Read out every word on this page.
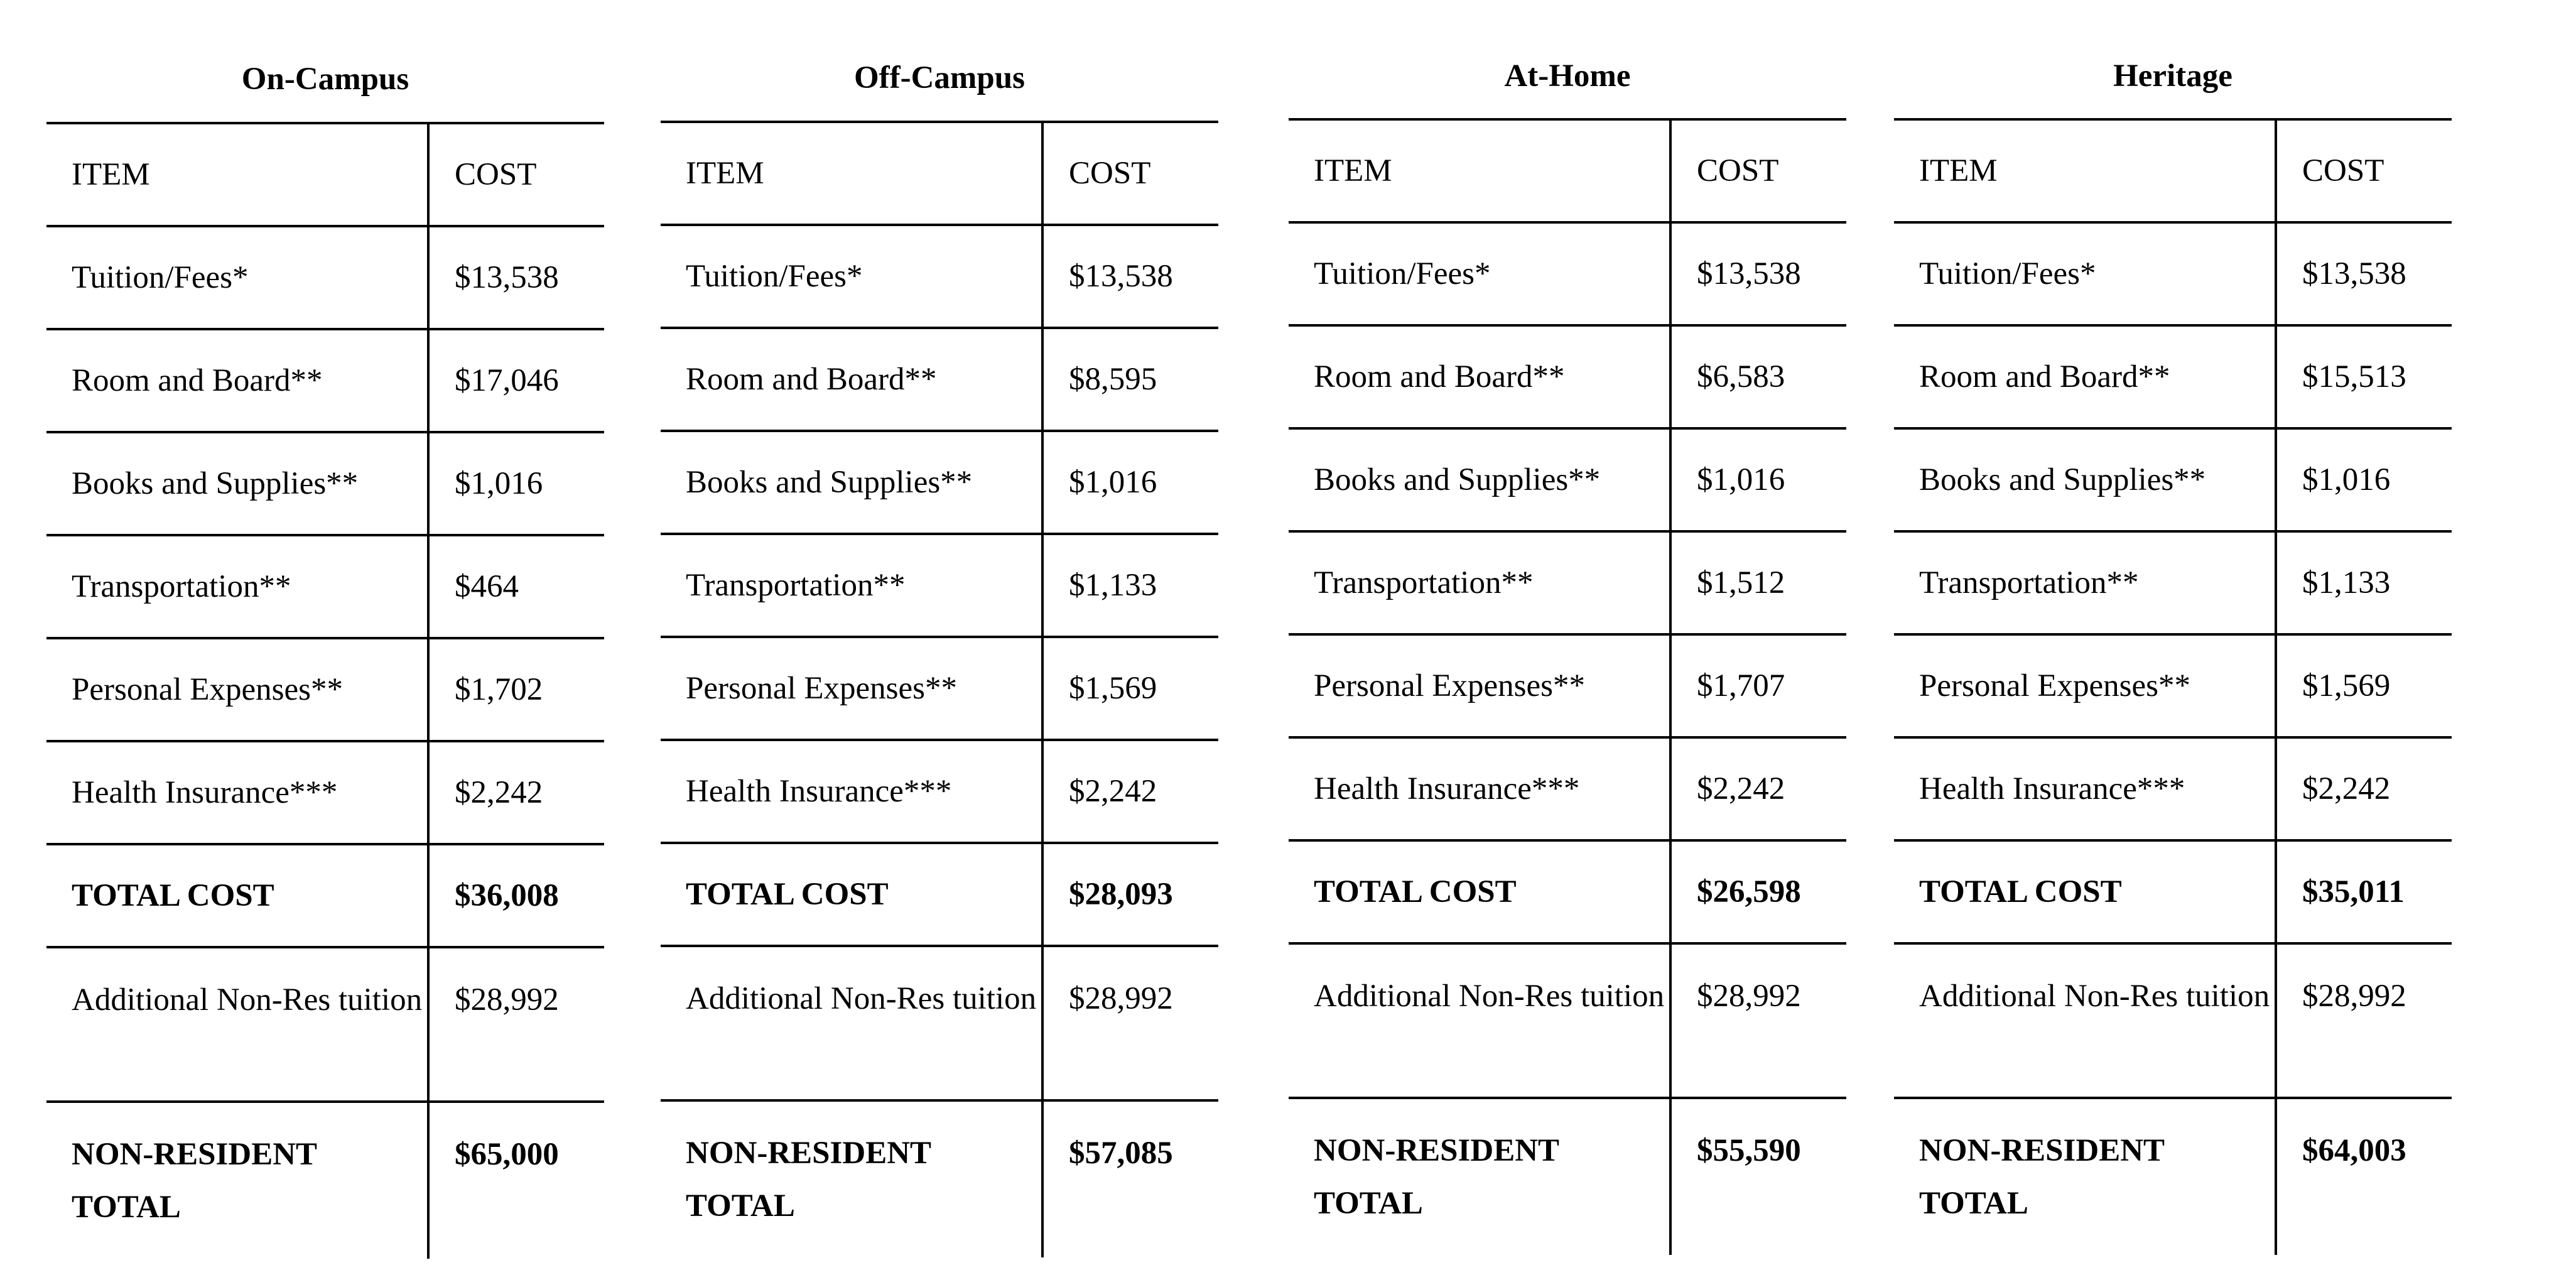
On-Campus
ITEM	COST
Tuition/Fees*	$13,538
Room and Board**	$17,046
Books and Supplies**	$1,016
Transportation**	$464
Personal Expenses**	$1,702
Health Insurance***	$2,242
TOTAL COST	$36,008
Additional Non-Res tuition	$28,992
NON-RESIDENT TOTAL	$65,000
Off-Campus
ITEM	COST
Tuition/Fees*	$13,538
Room and Board**	$8,595
Books and Supplies**	$1,016
Transportation**	$1,133
Personal Expenses**	$1,569
Health Insurance***	$2,242
TOTAL COST	$28,093
Additional Non-Res tuition	$28,992
NON-RESIDENT TOTAL	$57,085
At-Home
ITEM	COST
Tuition/Fees*	$13,538
Room and Board**	$6,583
Books and Supplies**	$1,016
Transportation**	$1,512
Personal Expenses**	$1,707
Health Insurance***	$2,242
TOTAL COST	$26,598
Additional Non-Res tuition	$28,992
NON-RESIDENT TOTAL	$55,590
Heritage
ITEM	COST
Tuition/Fees*	$13,538
Room and Board**	$15,513
Books and Supplies**	$1,016
Transportation**	$1,133
Personal Expenses**	$1,569
Health Insurance***	$2,242
TOTAL COST	$35,011
Additional Non-Res tuition	$28,992
NON-RESIDENT TOTAL	$64,003
